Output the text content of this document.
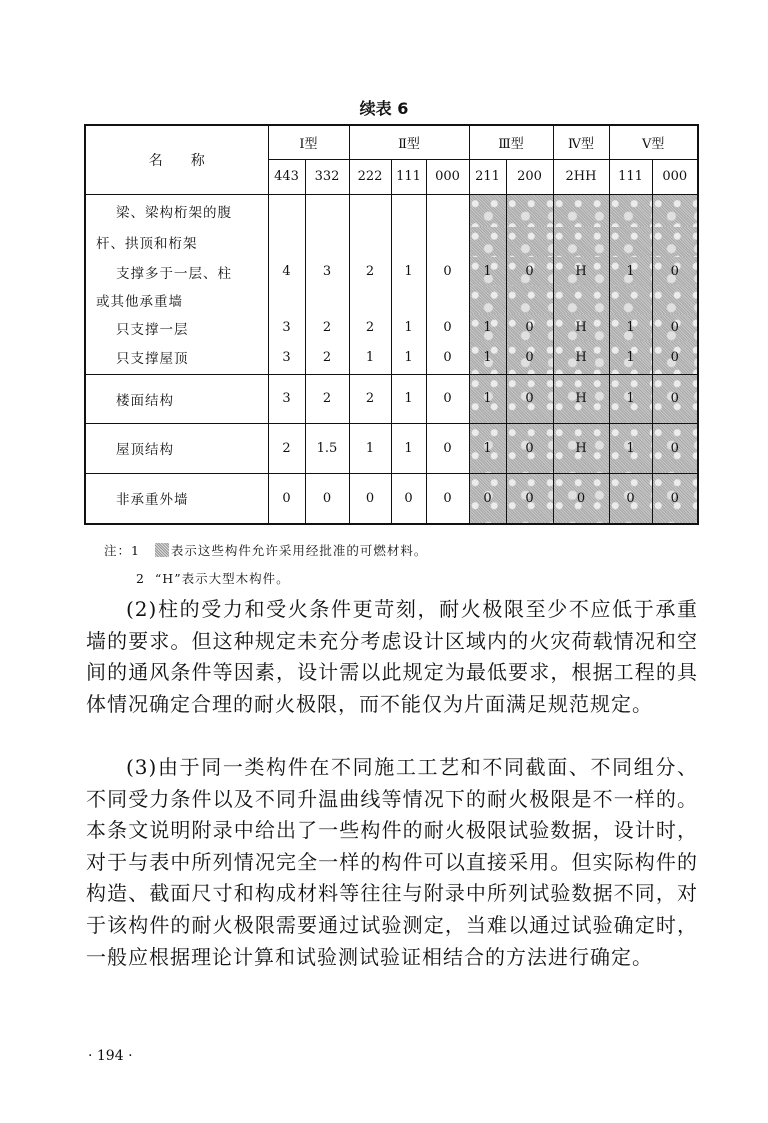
续表 6
名　　称	Ⅰ型		Ⅱ型			Ⅲ型		Ⅳ型	Ⅴ型	
	443	332	222	111	000	211	200	2HH	111	000
梁、梁构桁架的腹										
杆、拱顶和桁架										
支撑多于一层、柱	4	3	2	1	0	1	0	H	1	0
或其他承重墙										
只支撑一层	3	2	2	1	0	1	0	H	1	0
只支撑屋顶	3	2	1	1	0	1	0	H	1	0
楼面结构	3	2	2	1	0	1	0	H	1	0
屋顶结构	2	1.5	1	1	0	1	0	H	1	0
非承重外墙	0	0	0	0	0	0	0	0	0	0
注：1 表示这些构件允许采用经批准的可燃材料。
2 “H”表示大型木构件。
(2)柱的受力和受火条件更苛刻，耐火极限至少不应低于承重墙的要求。但这种规定未充分考虑设计区域内的火灾荷载情况和空间的通风条件等因素，设计需以此规定为最低要求，根据工程的具体情况确定合理的耐火极限，而不能仅为片面满足规范规定。
(3)由于同一类构件在不同施工工艺和不同截面、不同组分、不同受力条件以及不同升温曲线等情况下的耐火极限是不一样的。本条文说明附录中给出了一些构件的耐火极限试验数据，设计时，对于与表中所列情况完全一样的构件可以直接采用。但实际构件的构造、截面尺寸和构成材料等往往与附录中所列试验数据不同，对于该构件的耐火极限需要通过试验测定，当难以通过试验确定时，一般应根据理论计算和试验测试验证相结合的方法进行确定。
· 194 ·
